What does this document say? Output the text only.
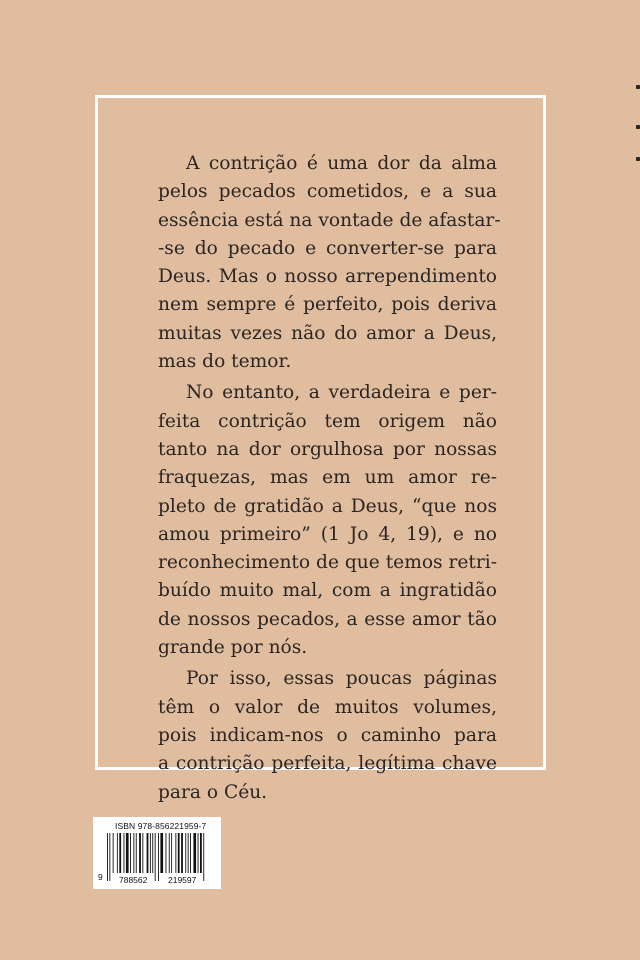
A contrição é uma dor da alma
pelos pecados cometidos, e a sua
essência está na vontade de afastar-
-se do pecado e converter-se para
Deus. Mas o nosso arrependimento
nem sempre é perfeito, pois deriva
muitas vezes não do amor a Deus,
mas do temor.
No entanto, a verdadeira e per-
feita contrição tem origem não
tanto na dor orgulhosa por nossas
fraquezas, mas em um amor re-
pleto de gratidão a Deus, “que nos
amou primeiro” (1 Jo 4, 19), e no
reconhecimento de que temos retri-
buído muito mal, com a ingratidão
de nossos pecados, a esse amor tão
grande por nós.
Por isso, essas poucas páginas
têm o valor de muitos volumes,
pois indicam-nos o caminho para
a contrição perfeita, legítima chave
para o Céu.
ISBN 978-856221959-7
9 788562 219597
